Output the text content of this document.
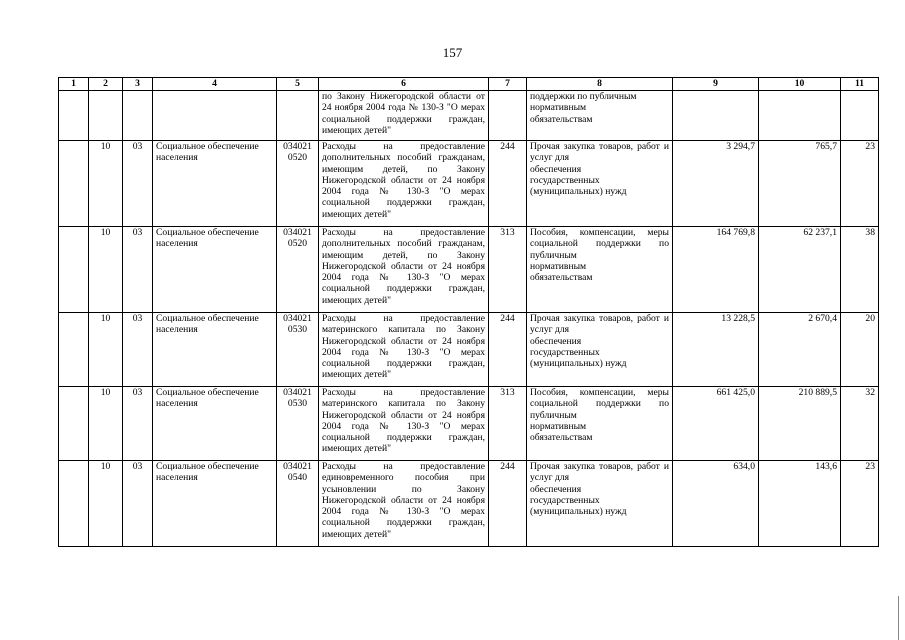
157
1	2	3	4	5	6	7	8	9	10	11
					по Закону Нижегородской области от 24 ноября 2004 года № 130-З "О мерах социальной поддержки граждан, имеющих детей"		поддержки по публичным
нормативным
обязательствам			
	10	03	Социальное обеспечение населения	034021 0520	Расходы на предоставление дополнительных пособий гражданам, имеющим детей, по Закону Нижегородской области от 24 ноября 2004 года № 130-З "О мерах социальной поддержки граждан, имеющих детей"	244	Прочая закупка товаров, работ и услуг для
обеспечения
государственных
(муниципальных) нужд	3 294,7	765,7	23
	10	03	Социальное обеспечение населения	034021 0520	Расходы на предоставление дополнительных пособий гражданам, имеющим детей, по Закону Нижегородской области от 24 ноября 2004 года № 130-З "О мерах социальной поддержки граждан, имеющих детей"	313	Пособия, компенсации, меры социальной поддержки по публичным
нормативным
обязательствам	164 769,8	62 237,1	38
	10	03	Социальное обеспечение населения	034021 0530	Расходы на предоставление материнского капитала по Закону Нижегородской области от 24 ноября 2004 года № 130-З "О мерах социальной поддержки граждан, имеющих детей"	244	Прочая закупка товаров, работ и услуг для
обеспечения
государственных
(муниципальных) нужд	13 228,5	2 670,4	20
	10	03	Социальное обеспечение населения	034021 0530	Расходы на предоставление материнского капитала по Закону Нижегородской области от 24 ноября 2004 года № 130-З "О мерах социальной поддержки граждан, имеющих детей"	313	Пособия, компенсации, меры социальной поддержки по публичным
нормативным
обязательствам	661 425,0	210 889,5	32
	10	03	Социальное обеспечение населения	034021 0540	Расходы на предоставление единовременного пособия при усыновлении по Закону Нижегородской области от 24 ноября 2004 года № 130-З "О мерах социальной поддержки граждан, имеющих детей"	244	Прочая закупка товаров, работ и услуг для
обеспечения
государственных
(муниципальных) нужд	634,0	143,6	23
